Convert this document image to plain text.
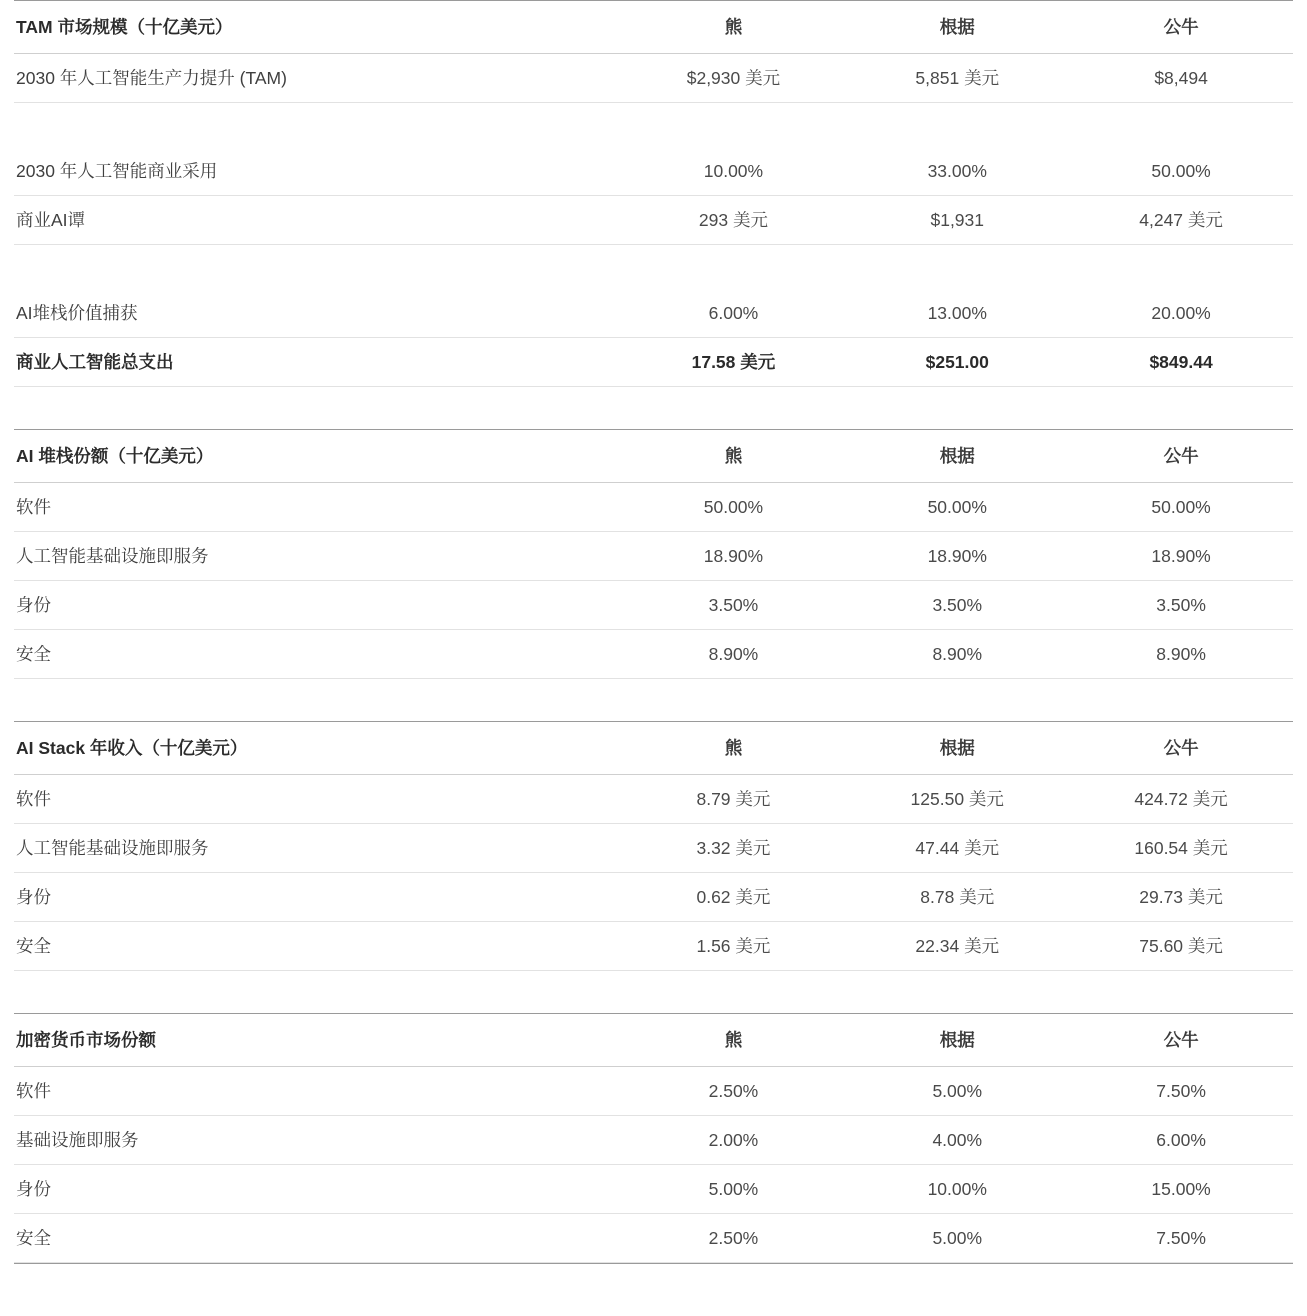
TAM 市场规模（十亿美元）	熊	根据	公牛

2030 年人工智能生产力提升 (TAM)	$2,930 美元	5,851 美元	$8,494

2030 年人工智能商业采用	10.00%	33.00%	50.00%

商业AI谭	293 美元	$1,931	4,247 美元

AI堆栈价值捕获	6.00%	13.00%	20.00%

商业人工智能总支出	17.58 美元	$251.00	$849.44

AI 堆栈份额（十亿美元）	熊	根据	公牛

软件	50.00%	50.00%	50.00%

人工智能基础设施即服务	18.90%	18.90%	18.90%

身份	3.50%	3.50%	3.50%

安全	8.90%	8.90%	8.90%

AI Stack 年收入（十亿美元）	熊	根据	公牛

软件	8.79 美元	125.50 美元	424.72 美元

人工智能基础设施即服务	3.32 美元	47.44 美元	160.54 美元

身份	0.62 美元	8.78 美元	29.73 美元

安全	1.56 美元	22.34 美元	75.60 美元

加密货币市场份额	熊	根据	公牛

软件	2.50%	5.00%	7.50%

基础设施即服务	2.00%	4.00%	6.00%

身份	5.00%	10.00%	15.00%

安全	2.50%	5.00%	7.50%
